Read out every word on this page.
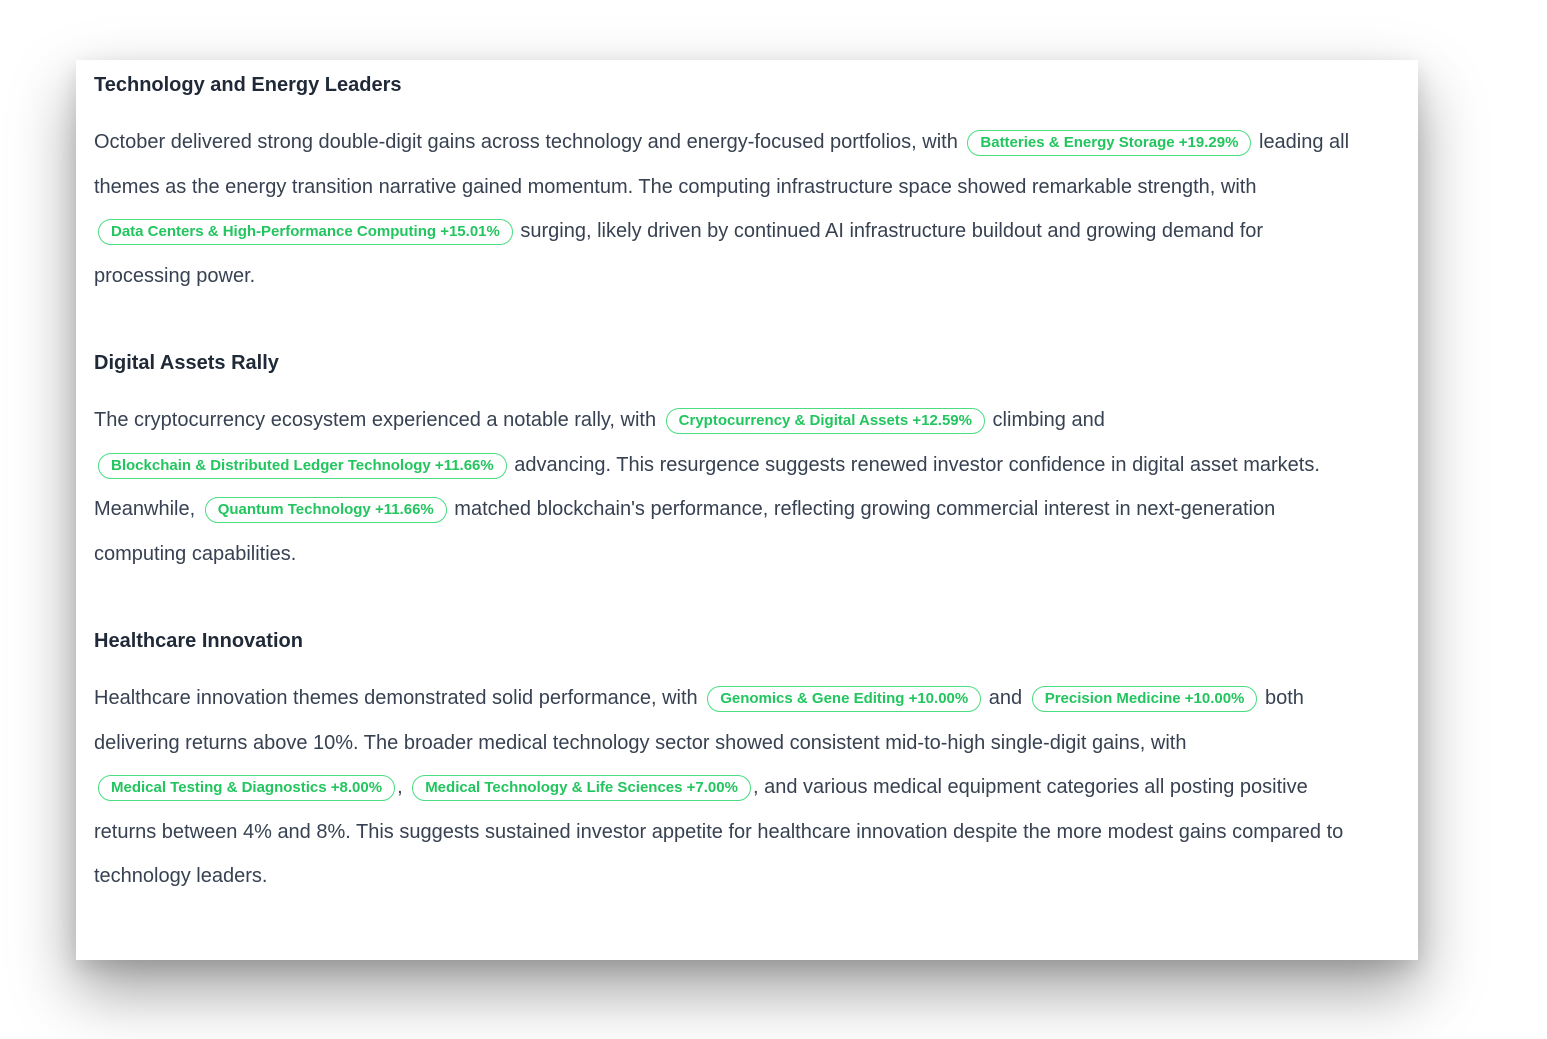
Technology and Energy Leaders

October delivered strong double-digit gains across technology and energy-focused portfolios, with Batteries & Energy Storage +19.29% leading all themes as the energy transition narrative gained momentum. The computing infrastructure space showed remarkable strength, with Data Centers & High-Performance Computing +15.01% surging, likely driven by continued AI infrastructure buildout and growing demand for processing power.

Digital Assets Rally

The cryptocurrency ecosystem experienced a notable rally, with Cryptocurrency & Digital Assets +12.59% climbing and Blockchain & Distributed Ledger Technology +11.66% advancing. This resurgence suggests renewed investor confidence in digital asset markets. Meanwhile, Quantum Technology +11.66% matched blockchain's performance, reflecting growing commercial interest in next-generation computing capabilities.

Healthcare Innovation

Healthcare innovation themes demonstrated solid performance, with Genomics & Gene Editing +10.00% and Precision Medicine +10.00% both delivering returns above 10%. The broader medical technology sector showed consistent mid-to-high single-digit gains, with Medical Testing & Diagnostics +8.00% , Medical Technology & Life Sciences +7.00% , and various medical equipment categories all posting positive returns between 4% and 8%. This suggests sustained investor appetite for healthcare innovation despite the more modest gains compared to technology leaders.
